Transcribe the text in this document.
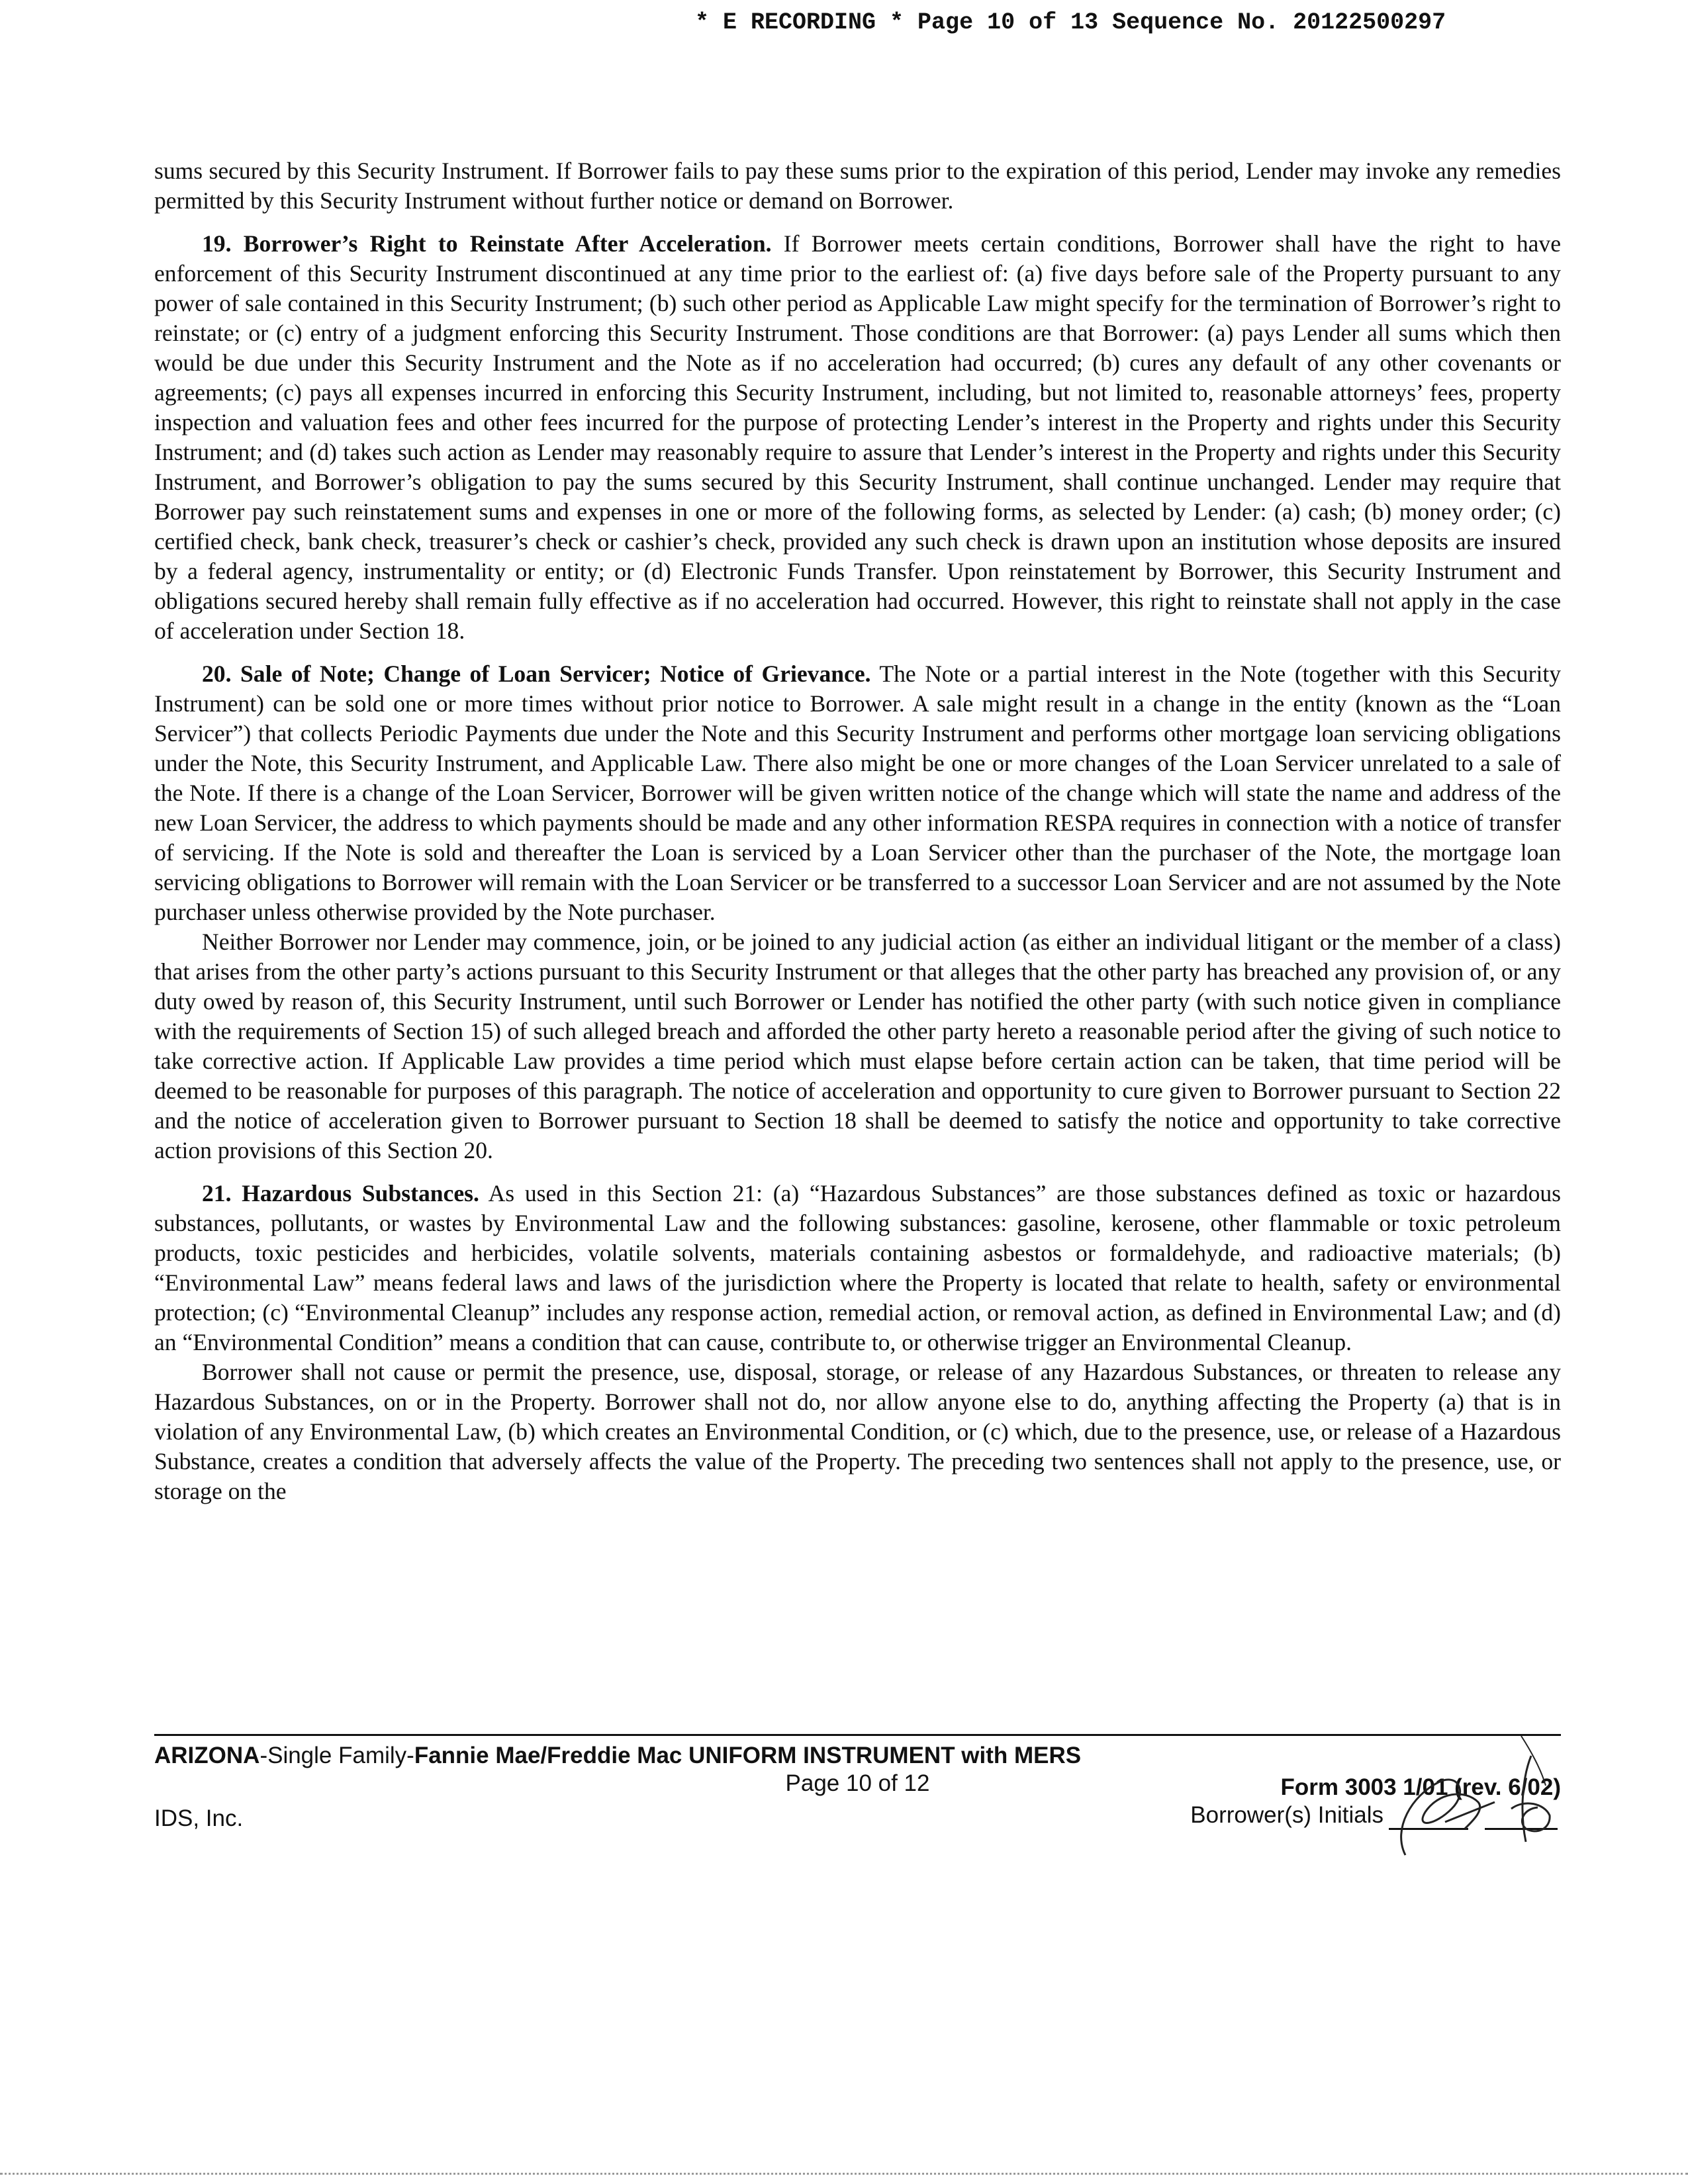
* E RECORDING * Page 10 of 13 Sequence No. 20122500297

sums secured by this Security Instrument. If Borrower fails to pay these sums prior to the expiration of this period, Lender may invoke any remedies permitted by this Security Instrument without further notice or demand on Borrower.

19. Borrower’s Right to Reinstate After Acceleration. If Borrower meets certain conditions, Borrower shall have the right to have enforcement of this Security Instrument discontinued at any time prior to the earliest of: (a) five days before sale of the Property pursuant to any power of sale contained in this Security Instrument; (b) such other period as Applicable Law might specify for the termination of Borrower’s right to reinstate; or (c) entry of a judgment enforcing this Security Instrument. Those conditions are that Borrower: (a) pays Lender all sums which then would be due under this Security Instrument and the Note as if no acceleration had occurred; (b) cures any default of any other covenants or agreements; (c) pays all expenses incurred in enforcing this Security Instrument, including, but not limited to, reasonable attorneys’ fees, property inspection and valuation fees and other fees incurred for the purpose of protecting Lender’s interest in the Property and rights under this Security Instrument; and (d) takes such action as Lender may reasonably require to assure that Lender’s interest in the Property and rights under this Security Instrument, and Borrower’s obligation to pay the sums secured by this Security Instrument, shall continue unchanged. Lender may require that Borrower pay such reinstatement sums and expenses in one or more of the following forms, as selected by Lender: (a) cash; (b) money order; (c) certified check, bank check, treasurer’s check or cashier’s check, provided any such check is drawn upon an institution whose deposits are insured by a federal agency, instrumentality or entity; or (d) Electronic Funds Transfer. Upon reinstatement by Borrower, this Security Instrument and obligations secured hereby shall remain fully effective as if no acceleration had occurred. However, this right to reinstate shall not apply in the case of acceleration under Section 18.

20. Sale of Note; Change of Loan Servicer; Notice of Grievance. The Note or a partial interest in the Note (together with this Security Instrument) can be sold one or more times without prior notice to Borrower. A sale might result in a change in the entity (known as the “Loan Servicer”) that collects Periodic Payments due under the Note and this Security Instrument and performs other mortgage loan servicing obligations under the Note, this Security Instrument, and Applicable Law. There also might be one or more changes of the Loan Servicer unrelated to a sale of the Note. If there is a change of the Loan Servicer, Borrower will be given written notice of the change which will state the name and address of the new Loan Servicer, the address to which payments should be made and any other information RESPA requires in connection with a notice of transfer of servicing. If the Note is sold and thereafter the Loan is serviced by a Loan Servicer other than the purchaser of the Note, the mortgage loan servicing obligations to Borrower will remain with the Loan Servicer or be transferred to a successor Loan Servicer and are not assumed by the Note purchaser unless otherwise provided by the Note purchaser.

Neither Borrower nor Lender may commence, join, or be joined to any judicial action (as either an individual litigant or the member of a class) that arises from the other party’s actions pursuant to this Security Instrument or that alleges that the other party has breached any provision of, or any duty owed by reason of, this Security Instrument, until such Borrower or Lender has notified the other party (with such notice given in compliance with the requirements of Section 15) of such alleged breach and afforded the other party hereto a reasonable period after the giving of such notice to take corrective action. If Applicable Law provides a time period which must elapse before certain action can be taken, that time period will be deemed to be reasonable for purposes of this paragraph. The notice of acceleration and opportunity to cure given to Borrower pursuant to Section 22 and the notice of acceleration given to Borrower pursuant to Section 18 shall be deemed to satisfy the notice and opportunity to take corrective action provisions of this Section 20.

21. Hazardous Substances. As used in this Section 21: (a) “Hazardous Substances” are those substances defined as toxic or hazardous substances, pollutants, or wastes by Environmental Law and the following substances: gasoline, kerosene, other flammable or toxic petroleum products, toxic pesticides and herbicides, volatile solvents, materials containing asbestos or formaldehyde, and radioactive materials; (b) “Environmental Law” means federal laws and laws of the jurisdiction where the Property is located that relate to health, safety or environmental protection; (c) “Environmental Cleanup” includes any response action, remedial action, or removal action, as defined in Environmental Law; and (d) an “Environmental Condition” means a condition that can cause, contribute to, or otherwise trigger an Environmental Cleanup.

Borrower shall not cause or permit the presence, use, disposal, storage, or release of any Hazardous Substances, or threaten to release any Hazardous Substances, on or in the Property. Borrower shall not do, nor allow anyone else to do, anything affecting the Property (a) that is in violation of any Environmental Law, (b) which creates an Environmental Condition, or (c) which, due to the presence, use, or release of a Hazardous Substance, creates a condition that adversely affects the value of the Property. The preceding two sentences shall not apply to the presence, use, or storage on the

ARIZONA-Single Family-Fannie Mae/Freddie Mac UNIFORM INSTRUMENT with MERS
Page 10 of 12	Form 3003 1/01 (rev. 6/02)
IDS, Inc.	Borrower(s) Initials
